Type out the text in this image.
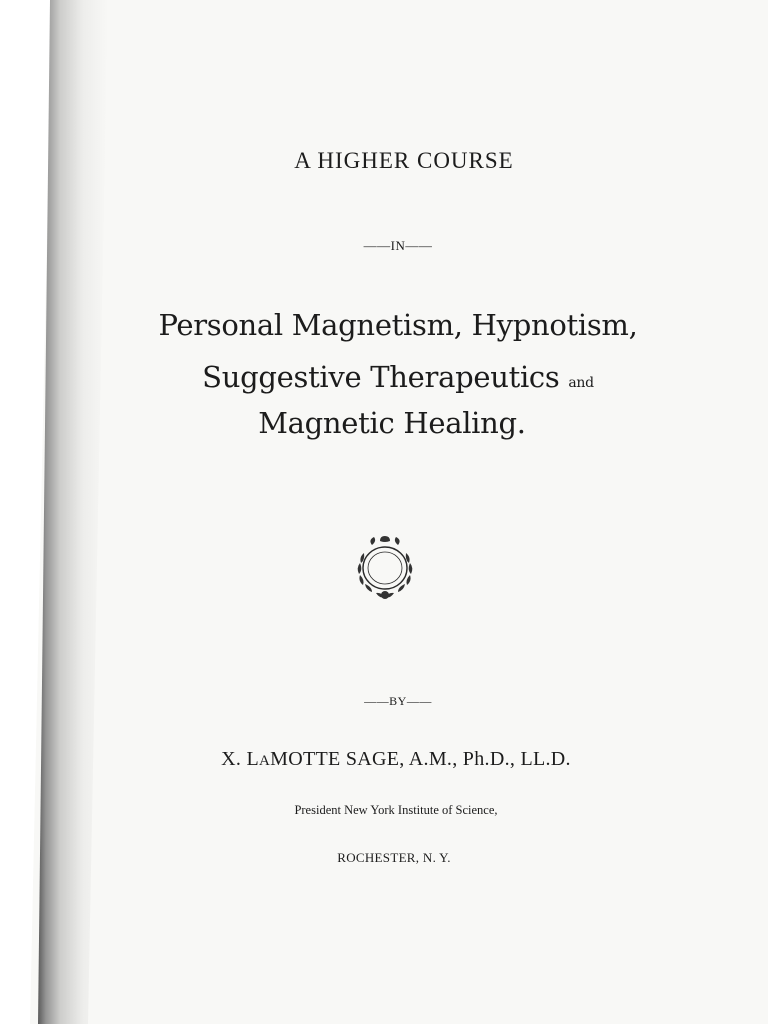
A HIGHER COURSE
——IN——
Personal Magnetism, Hypnotism,
Suggestive Therapeutics and
Magnetic Healing.
——BY——
X. LAMOTTE SAGE, A.M., Ph.D., LL.D.
President New York Institute of Science,
ROCHESTER, N. Y.
